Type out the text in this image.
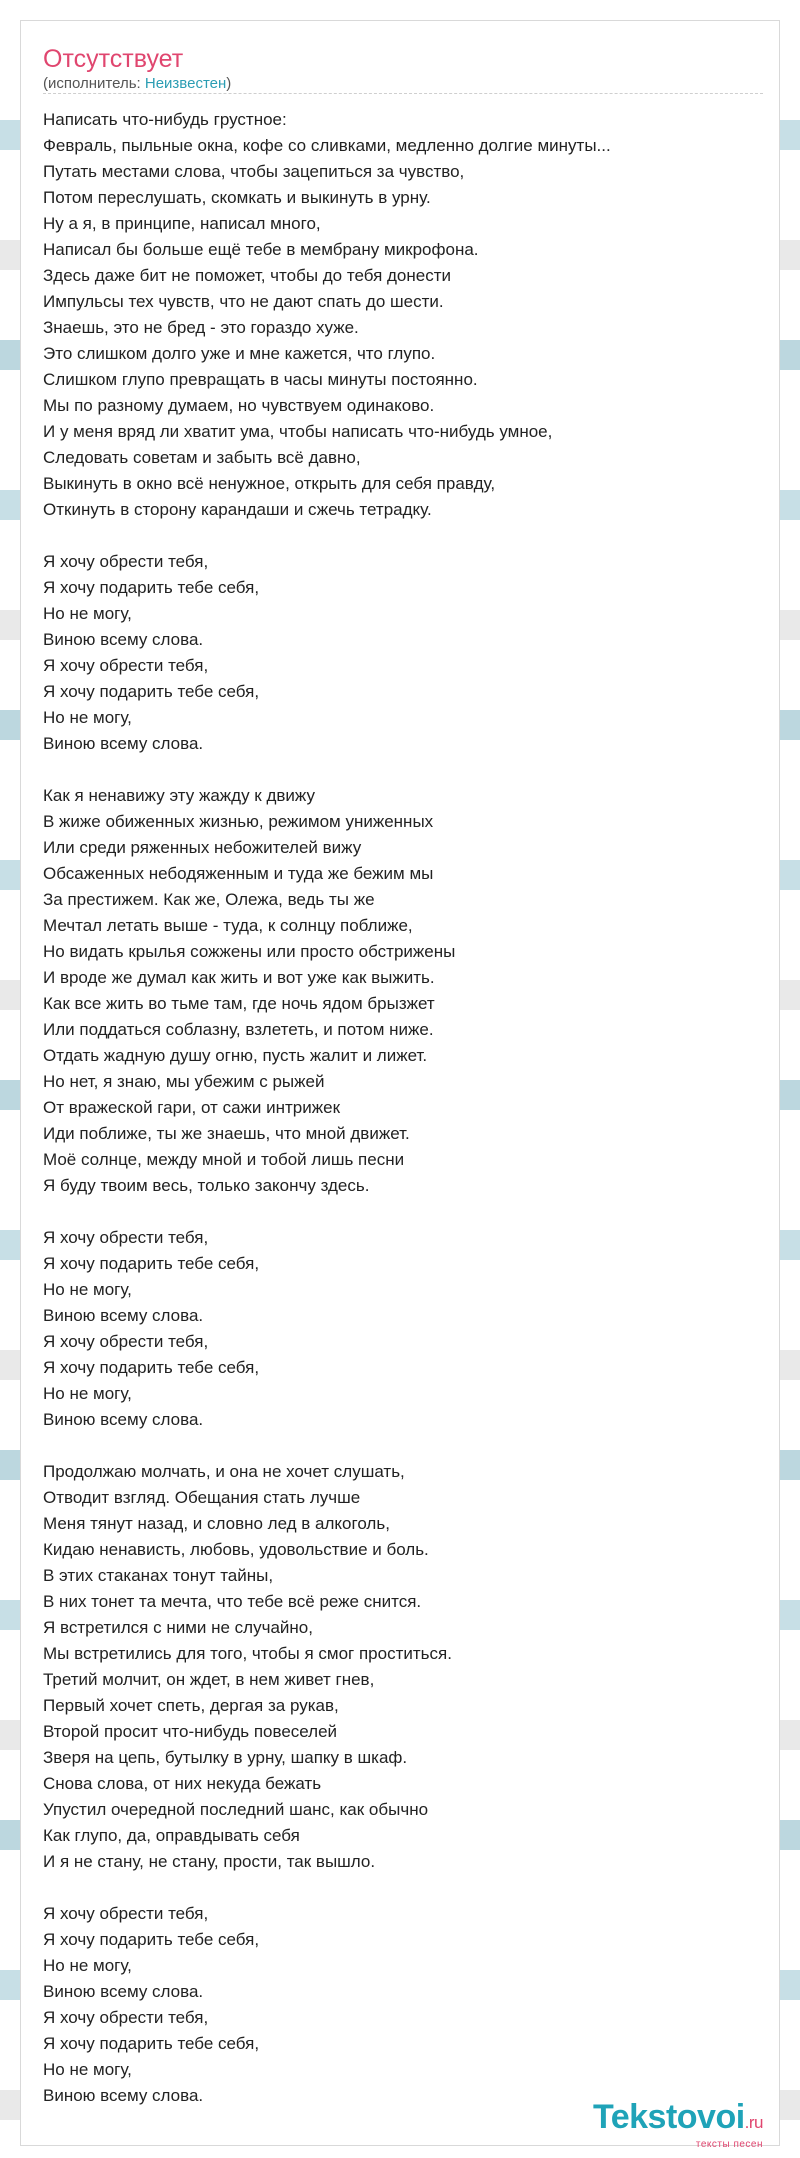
Отсутствует
(исполнитель: Неизвестен)
Написать что-нибудь грустное:
Февраль, пыльные окна, кофе со сливками, медленно долгие минуты...
Путать местами слова, чтобы зацепиться за чувство,
Потом переслушать, скомкать и выкинуть в урну.
Ну а я, в принципе, написал много,
Написал бы больше ещё тебе в мембрану микрофона.
Здесь даже бит не поможет, чтобы до тебя донести
Импульсы тех чувств, что не дают спать до шести.
Знаешь, это не бред - это гораздо хуже.
Это слишком долго уже и мне кажется, что глупо.
Слишком глупо превращать в часы минуты постоянно.
Мы по разному думаем, но чувствуем одинаково.
И у меня вряд ли хватит ума, чтобы написать что-нибудь умное,
Следовать советам и забыть всё давно,
Выкинуть в окно всё ненужное, открыть для себя правду,
Откинуть в сторону карандаши и сжечь тетрадку.
Я хочу обрести тебя,
Я хочу подарить тебе себя,
Но не могу,
Виною всему слова.
Я хочу обрести тебя,
Я хочу подарить тебе себя,
Но не могу,
Виною всему слова.
Как я ненавижу эту жажду к движу
В жиже обиженных жизнью, режимом униженных
Или среди ряженных небожителей вижу
Обсаженных небодяженным и туда же бежим мы
За престижем. Как же, Олежа, ведь ты же
Мечтал летать выше - туда, к солнцу поближе,
Но видать крылья сожжены или просто обстрижены
И вроде же думал как жить и вот уже как выжить.
Как все жить во тьме там, где ночь ядом брызжет
Или поддаться соблазну, взлететь, и потом ниже.
Отдать жадную душу огню, пусть жалит и лижет.
Но нет, я знаю, мы убежим с рыжей
От вражеской гари, от сажи интрижек
Иди поближе, ты же знаешь, что мной движет.
Моё солнце, между мной и тобой лишь песни
Я буду твоим весь, только закончу здесь.
Я хочу обрести тебя,
Я хочу подарить тебе себя,
Но не могу,
Виною всему слова.
Я хочу обрести тебя,
Я хочу подарить тебе себя,
Но не могу,
Виною всему слова.
Продолжаю молчать, и она не хочет слушать,
Отводит взгляд. Обещания стать лучше
Меня тянут назад, и словно лед в алкоголь,
Кидаю ненависть, любовь, удовольствие и боль.
В этих стаканах тонут тайны,
В них тонет та мечта, что тебе всё реже снится.
Я встретился с ними не случайно,
Мы встретились для того, чтобы я смог проститься.
Третий молчит, он ждет, в нем живет гнев,
Первый хочет спеть, дергая за рукав,
Второй просит что-нибудь повеселей
Зверя на цепь, бутылку в урну, шапку в шкаф.
Снова слова, от них некуда бежать
Упустил очередной последний шанс, как обычно
Как глупо, да, оправдывать себя
И я не стану, не стану, прости, так вышло.
Я хочу обрести тебя,
Я хочу подарить тебе себя,
Но не могу,
Виною всему слова.
Я хочу обрести тебя,
Я хочу подарить тебе себя,
Но не могу,
Виною всему слова.
Tekstovoi.ru
тексты песен
